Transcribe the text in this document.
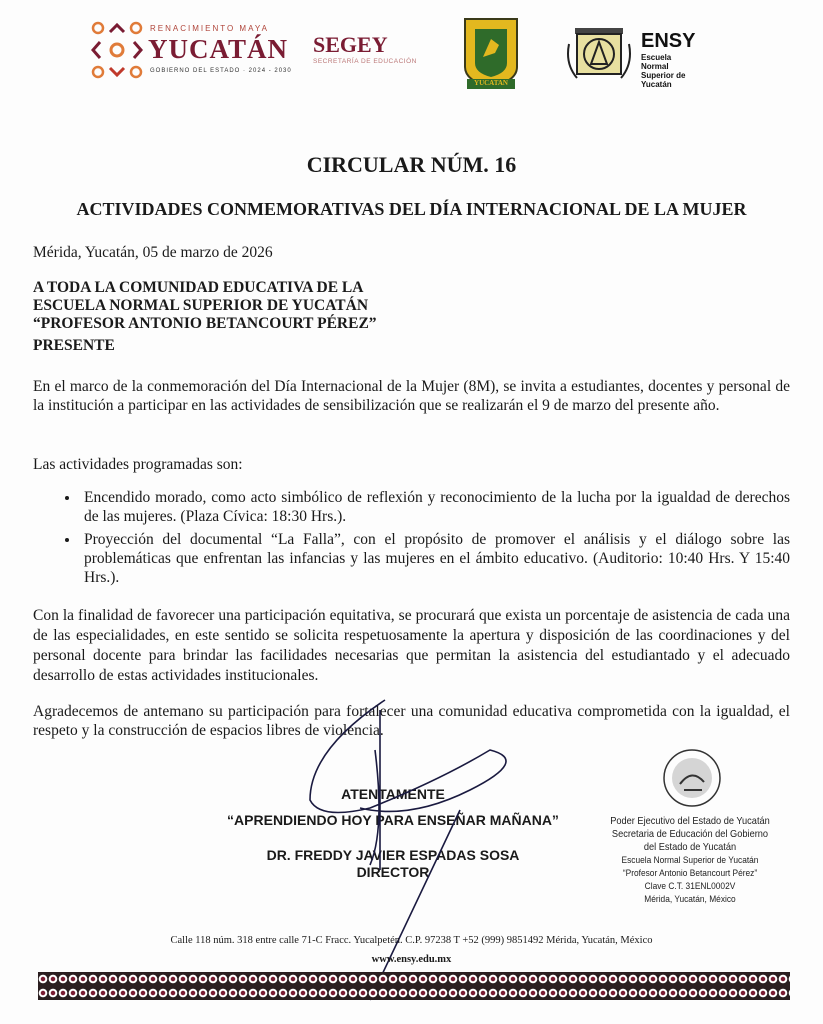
RENACIMIENTO MAYA
YUCATÁN
GOBIERNO DEL ESTADO · 2024 - 2030
SEGEY
SECRETARÍA DE EDUCACIÓN
YUCATAN
ENSY
Escuela Normal
Superior de Yucatán
CIRCULAR NÚM. 16
ACTIVIDADES CONMEMORATIVAS DEL DÍA INTERNACIONAL DE LA MUJER
Mérida, Yucatán, 05 de marzo de 2026
A TODA LA COMUNIDAD EDUCATIVA DE LA
ESCUELA NORMAL SUPERIOR DE YUCATÁN
“PROFESOR ANTONIO BETANCOURT PÉREZ”
PRESENTE
En el marco de la conmemoración del Día Internacional de la Mujer (8M), se invita a estudiantes, docentes y personal de la institución a participar en las actividades de sensibilización que se realizarán el 9 de marzo del presente año.
Las actividades programadas son:
• Encendido morado, como acto simbólico de reflexión y reconocimiento de la lucha por la igualdad de derechos de las mujeres. (Plaza Cívica: 18:30 Hrs.).
• Proyección del documental “La Falla”, con el propósito de promover el análisis y el diálogo sobre las problemáticas que enfrentan las infancias y las mujeres en el ámbito educativo. (Auditorio: 10:40 Hrs. Y 15:40 Hrs.).
Con la finalidad de favorecer una participación equitativa, se procurará que exista un porcentaje de asistencia de cada una de las especialidades, en este sentido se solicita respetuosamente la apertura y disposición de las coordinaciones y del personal docente para brindar las facilidades necesarias que permitan la asistencia del estudiantado y el adecuado desarrollo de estas actividades institucionales.
Agradecemos de antemano su participación para fortalecer una comunidad educativa comprometida con la igualdad, el respeto y la construcción de espacios libres de violencia.
ATENTAMENTE
“APRENDIENDO HOY PARA ENSEÑAR MAÑANA”
DR. FREDDY JAVIER ESPADAS SOSA
DIRECTOR
Poder Ejecutivo del Estado de Yucatán
Secretaria de Educación del Gobierno
del Estado de Yucatán
Escuela Normal Superior de Yucatán
“Profesor Antonio Betancourt Pérez”
Clave C.T. 31ENL0002V
Mérida, Yucatán, México
Calle 118 núm. 318 entre calle 71-C Fracc. Yucalpetén. C.P. 97238 T +52 (999) 9851492 Mérida, Yucatán, México
www.ensy.edu.mx
